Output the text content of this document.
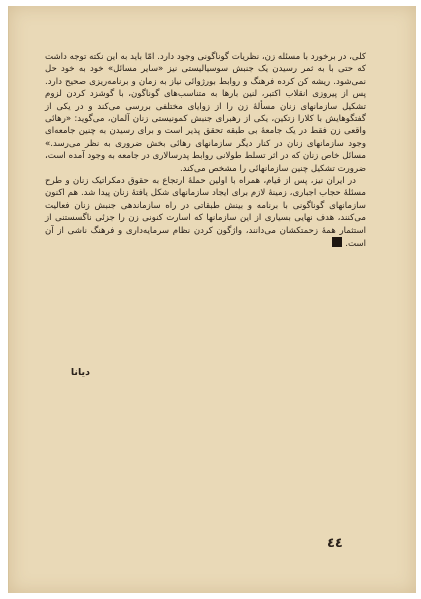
کلی، در برخورد با مسئله زن، نظریات گوناگونی وجود دارد. امّا باید به این نکته توجه داشت که حتی با به ثمر رسیدن یک جنبش سوسیالیستی نیز «سایر مسائل» خود به خود حل نمی‌شود. ریشه کن کرده فرهنگ و روابط بورژوائی نیاز به زمان و برنامه‌ریزی صحیح دارد. پس از پیروزی انقلاب اکتبر، لنین بارها به متناسب‌های گوناگون، با گوشزد کردن لزوم تشکیل سازمانهای زنان مسألهٔ زن را از زوایای مختلفی بررسی می‌کند و در یکی از گفتگوهایش با کلارا زتکین، یکی از رهبرای جنبش کمونیستی زنان آلمان، می‌گوید: «رهائی واقعی زن فقط در یک جامعهٔ بی طبقه تحقق پذیر است و برای رسیدن به چنین جامعه‌ای وجود سازمانهای زنان در کنار دیگر سازمانهای رهائی بخش ضروری به نظر می‌رسد.» مسائل خاص زنان که در اثر تسلط طولانی روابط پدرسالاری در جامعه به وجود آمده است، ضرورت تشکیل چنین سازمانهائی را مشخص می‌کند.

در ایران نیز، پس از قیام، همراه با اولین حملهٔ ارتجاع به حقوق دمکراتیک زنان و طرح مسئلهٔ حجاب اجباری، زمینهٔ لازم برای ایجاد سازمانهای شکل یافتهٔ زنان پیدا شد. هم اکنون سازمانهای گوناگونی با برنامه و بینش طبقاتی در راه سازماندهی جنبش زنان فعالیت می‌کنند، هدف نهایی بسیاری از این سازمانها که اسارت کنونی زن را جزئی ناگسستنی از استثمار همهٔ زحمتکشان می‌دانند، واژگون کردن نظام سرمایه‌داری و فرهنگ ناشی از آن است.

دیانا
٤٤
